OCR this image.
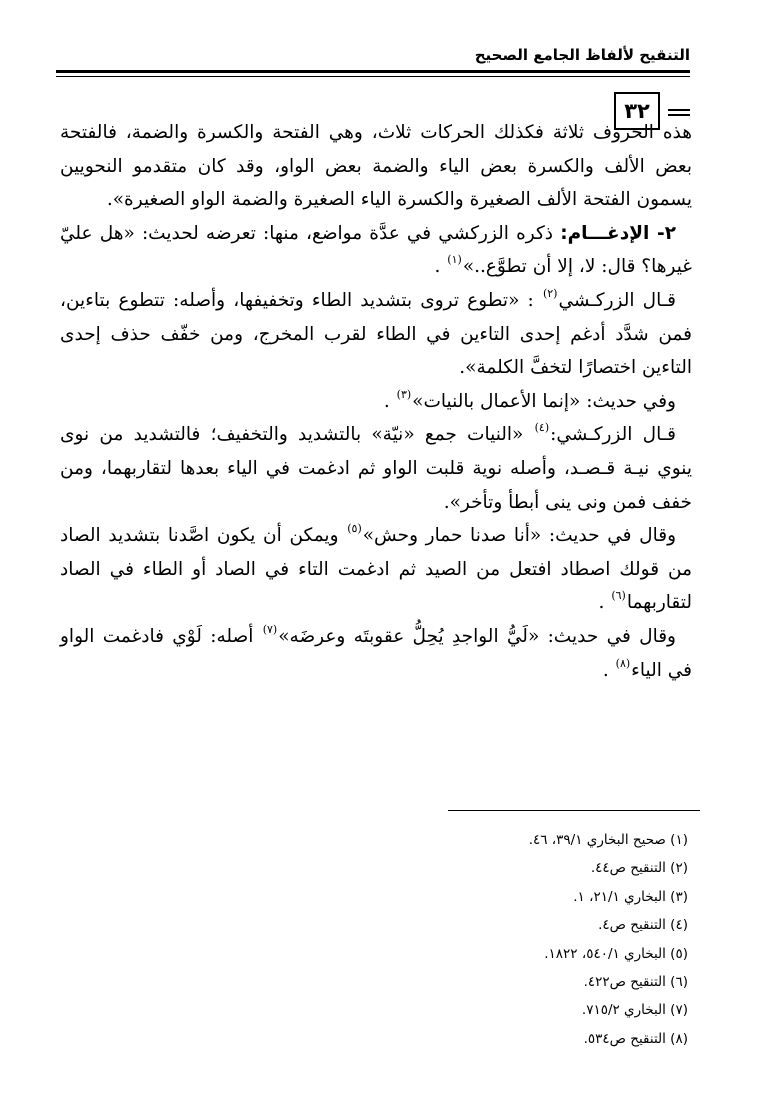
التنقيح لألفاظ الجامع الصحيح
٣٢

هذه الحروف ثلاثة فكذلك الحركات ثلاث، وهي الفتحة والكسرة والضمة، فالفتحة بعض الألف والكسرة بعض الياء والضمة بعض الواو، وقد كان متقدمو النحويين يسمون الفتحة الألف الصغيرة والكسرة الياء الصغيرة والضمة الواو الصغيرة».

٢- الإدغـــام: ذكره الزركشي في عدَّة مواضع، منها: تعرضه لحديث: «هل عليّ غيرها؟ قال: لا، إلا أن تطوَّع..»$^{(١)}$ .

قـال الزركـشي$^{(٢)}$ : «تطوع تروى بتشديد الطاء وتخفيفها، وأصله: تتطوع بتاءين، فمن شدَّد أدغم إحدى التاءين في الطاء لقرب المخرج، ومن خفّف حذف إحدى التاءين اختصارًا لتخفَّ الكلمة».

وفي حديث: «إنما الأعمال بالنيات»$^{(٣)}$ .

قـال الزركـشي:$^{(٤)}$ «النيات جمع «نيّة» بالتشديد والتخفيف؛ فالتشديد من نوى ينوي نيـة قـصـد، وأصله نوية قلبت الواو ثم ادغمت في الياء بعدها لتقاربهما، ومن خفف فمن ونى ينى أبطأ وتأخر».

وقال في حديث: «أنا صدنا حمار وحش»$^{(٥)}$ ويمكن أن يكون اصَّدنا بتشديد الصاد من قولك اصطاد افتعل من الصيد ثم ادغمت التاء في الصاد أو الطاء في الصاد لتقاربهما$^{(٦)}$ .

وقال في حديث: «لَيُّ الواجدِ يُحِلُّ عقوبتَه وعرضَه»$^{(٧)}$ أصله: لَوْي فادغمت الواو في الياء$^{(٨)}$ .

(١) صحيح البخاري ٣٩/١، ٤٦.
(٢) التنقيح ص٤٤.
(٣) البخاري ٢١/١، ١.
(٤) التنقيح ص٤.
(٥) البخاري ٥٤٠/١، ١٨٢٢.
(٦) التنقيح ص٤٢٢.
(٧) البخاري ٧١٥/٢.
(٨) التنقيح ص٥٣٤.
